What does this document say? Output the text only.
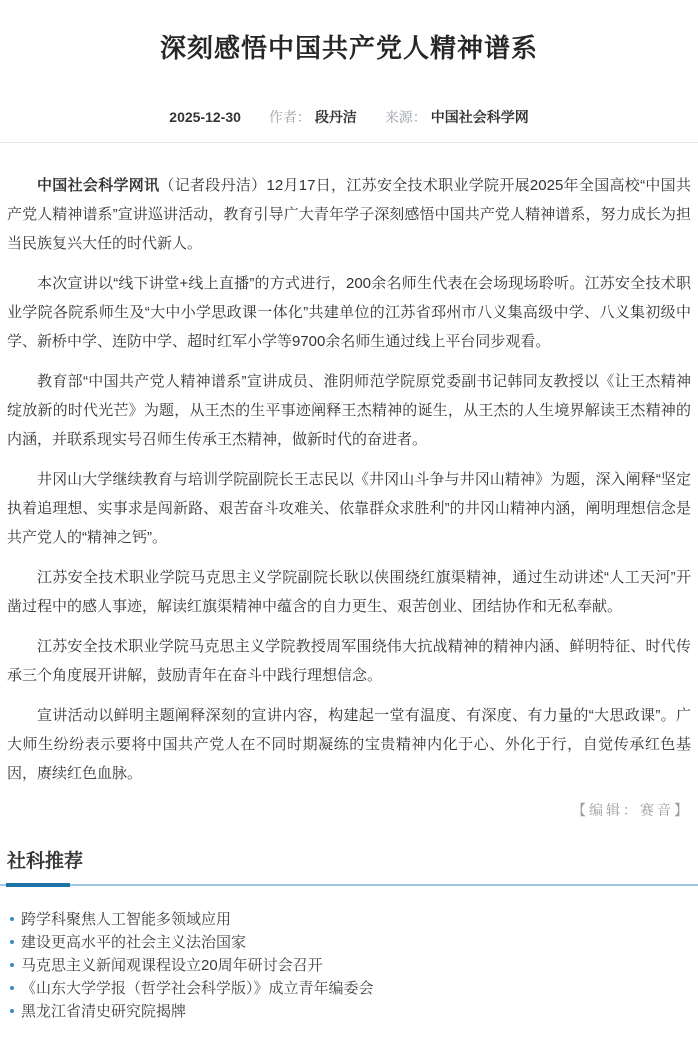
深刻感悟中国共产党人精神谱系
2025-12-30 作者： 段丹洁 来源： 中国社会科学网

中国社会科学网讯（记者段丹洁）12月17日，江苏安全技术职业学院开展2025年全国高校“中国共产党人精神谱系”宣讲巡讲活动，教育引导广大青年学子深刻感悟中国共产党人精神谱系，努力成长为担当民族复兴大任的时代新人。

本次宣讲以“线下讲堂+线上直播”的方式进行，200余名师生代表在会场现场聆听。江苏安全技术职业学院各院系师生及“大中小学思政课一体化”共建单位的江苏省邳州市八义集高级中学、八义集初级中学、新桥中学、连防中学、超时红军小学等9700余名师生通过线上平台同步观看。

教育部“中国共产党人精神谱系”宣讲成员、淮阴师范学院原党委副书记韩同友教授以《让王杰精神绽放新的时代光芒》为题，从王杰的生平事迹阐释王杰精神的诞生，从王杰的人生境界解读王杰精神的内涵，并联系现实号召师生传承王杰精神，做新时代的奋进者。

井冈山大学继续教育与培训学院副院长王志民以《井冈山斗争与井冈山精神》为题，深入阐释“坚定执着追理想、实事求是闯新路、艰苦奋斗攻难关、依靠群众求胜利”的井冈山精神内涵，阐明理想信念是共产党人的“精神之钙”。

江苏安全技术职业学院马克思主义学院副院长耿以侠围绕红旗渠精神，通过生动讲述“人工天河”开凿过程中的感人事迹，解读红旗渠精神中蕴含的自力更生、艰苦创业、团结协作和无私奉献。

江苏安全技术职业学院马克思主义学院教授周军围绕伟大抗战精神的精神内涵、鲜明特征、时代传承三个角度展开讲解，鼓励青年在奋斗中践行理想信念。

宣讲活动以鲜明主题阐释深刻的宣讲内容，构建起一堂有温度、有深度、有力量的“大思政课”。广大师生纷纷表示要将中国共产党人在不同时期凝练的宝贵精神内化于心、外化于行，自觉传承红色基因，赓续红色血脉。

【编辑：赛音】
社科推荐
跨学科聚焦人工智能多领域应用
建设更高水平的社会主义法治国家
马克思主义新闻观课程设立20周年研讨会召开
《山东大学学报（哲学社会科学版）》成立青年编委会
黑龙江省清史研究院揭牌
